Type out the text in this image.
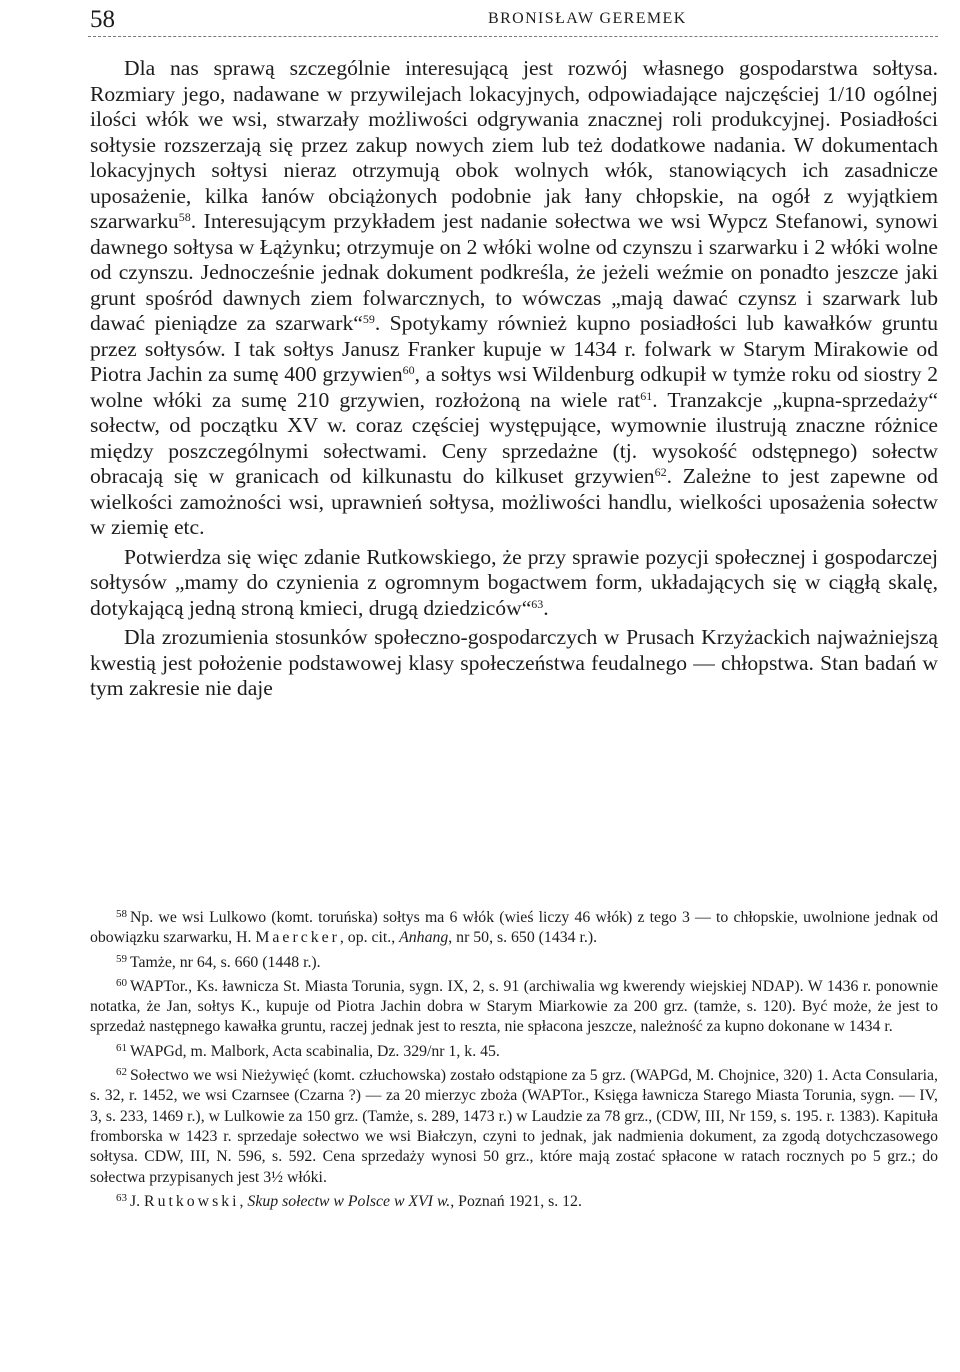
58	BRONISŁAW GEREMEK

Dla nas sprawą szczególnie interesującą jest rozwój własnego gospodarstwa sołtysa. Rozmiary jego, nadawane w przywilejach lokacyjnych, odpowiadające najczęściej 1/10 ogólnej ilości włók we wsi, stwarzały możliwości odgrywania znacznej roli produkcyjnej. Posiadłości sołtysie rozszerzają się przez zakup nowych ziem lub też dodatkowe nadania. W dokumentach lokacyjnych sołtysi nieraz otrzymują obok wolnych włók, stanowiących ich zasadnicze uposażenie, kilka łanów obciążonych podobnie jak łany chłopskie, na ogół z wyjątkiem szarwarku$^{58}$. Interesującym przykładem jest nadanie sołectwa we wsi Wypcz Stefanowi, synowi dawnego sołtysa w Łążynku; otrzymuje on 2 włóki wolne od czynszu i szarwarku i 2 włóki wolne od czynszu. Jednocześnie jednak dokument podkreśla, że jeżeli weźmie on ponadto jeszcze jaki grunt spośród dawnych ziem folwarcznych, to wówczas „mają dawać czynsz i szarwark lub dawać pieniądze za szarwark“$^{59}$. Spotykamy również kupno posiadłości lub kawałków gruntu przez sołtysów. I tak sołtys Janusz Franker kupuje w 1434 r. folwark w Starym Mirakowie od Piotra Jachin za sumę 400 grzywien$^{60}$, a sołtys wsi Wildenburg odkupił w tymże roku od siostry 2 wolne włóki za sumę 210 grzywien, rozłożoną na wiele rat$^{61}$. Tranzakcje „kupna-sprzedaży“ sołectw, od początku XV w. coraz częściej występujące, wymownie ilustrują znaczne różnice między poszczególnymi sołectwami. Ceny sprzedażne (tj. wysokość odstępnego) sołectw obracają się w granicach od kilkunastu do kilkuset grzywien$^{62}$. Zależne to jest zapewne od wielkości zamożności wsi, uprawnień sołtysa, możliwości handlu, wielkości uposażenia sołectw w ziemię etc.

Potwierdza się więc zdanie Rutkowskiego, że przy sprawie pozycji społecznej i gospodarczej sołtysów „mamy do czynienia z ogromnym bogactwem form, układających się w ciągłą skalę, dotykającą jedną stroną kmieci, drugą dziedziców“$^{63}$.

Dla zrozumienia stosunków społeczno-gospodarczych w Prusach Krzyżackich najważniejszą kwestią jest położenie podstawowej klasy społeczeństwa feudalnego — chłopstwa. Stan badań w tym zakresie nie daje

$^{58}$ Np. we wsi Lulkowo (komt. toruńska) sołtys ma 6 włók (wieś liczy 46 włók) z tego 3 — to chłopskie, uwolnione jednak od obowiązku szarwarku, H. Maercker, op. cit., Anhang, nr 50, s. 650 (1434 r.).

$^{59}$ Tamże, nr 64, s. 660 (1448 r.).

$^{60}$ WAPTor., Ks. ławnicza St. Miasta Torunia, sygn. IX, 2, s. 91 (archiwalia wg kwerendy wiejskiej NDAP). W 1436 r. ponownie notatka, że Jan, sołtys K., kupuje od Piotra Jachin dobra w Starym Miarkowie za 200 grz. (tamże, s. 120). Być może, że jest to sprzedaż następnego kawałka gruntu, raczej jednak jest to reszta, nie spłacona jeszcze, należność za kupno dokonane w 1434 r.

$^{61}$ WAPGd, m. Malbork, Acta scabinalia, Dz. 329/nr 1, k. 45.

$^{62}$ Sołectwo we wsi Nieżywięć (komt. człuchowska) zostało odstąpione za 5 grz. (WAPGd, M. Chojnice, 320) 1. Acta Consularia, s. 32, r. 1452, we wsi Czarnsee (Czarna ?) — za 20 mierzyc zboża (WAPTor., Księga ławnicza Starego Miasta Torunia, sygn. — IV, 3, s. 233, 1469 r.), w Lulkowie za 150 grz. (Tamże, s. 289, 1473 r.) w Laudzie za 78 grz., (CDW, III, Nr 159, s. 195. r. 1383). Kapituła fromborska w 1423 r. sprzedaje sołectwo we wsi Białczyn, czyni to jednak, jak nadmienia dokument, za zgodą dotychczasowego sołtysa. CDW, III, N. 596, s. 592. Cena sprzedaży wynosi 50 grz., które mają zostać spłacone w ratach rocznych po 5 grz.; do sołectwa przypisanych jest 3½ włóki.

$^{63}$ J. Rutkowski, Skup sołectw w Polsce w XVI w., Poznań 1921, s. 12.
